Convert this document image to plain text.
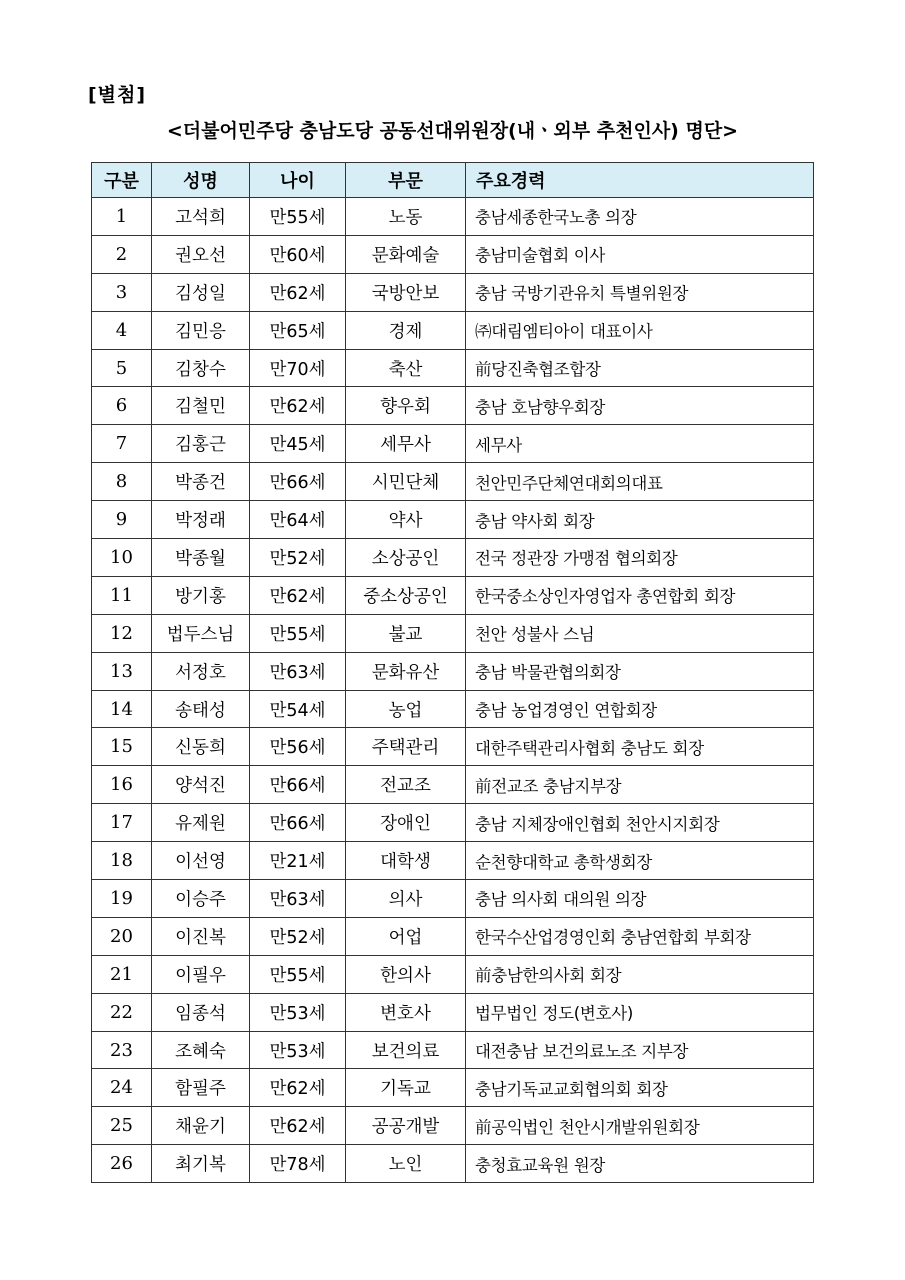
[별첨]
<더불어민주당 충남도당 공동선대위원장(내ㆍ외부 추천인사) 명단>
구분	성명	나이	부문	주요경력
1	고석희	만55세	노동	충남세종한국노총 의장
2	권오선	만60세	문화예술	충남미술협회 이사
3	김성일	만62세	국방안보	충남 국방기관유치 특별위원장
4	김민응	만65세	경제	㈜대림엠티아이 대표이사
5	김창수	만70세	축산	前당진축협조합장
6	김철민	만62세	향우회	충남 호남향우회장
7	김홍근	만45세	세무사	세무사
8	박종건	만66세	시민단체	천안민주단체연대회의대표
9	박정래	만64세	약사	충남 약사회 회장
10	박종월	만52세	소상공인	전국 정관장 가맹점 협의회장
11	방기홍	만62세	중소상공인	한국중소상인자영업자 총연합회 회장
12	법두스님	만55세	불교	천안 성불사 스님
13	서정호	만63세	문화유산	충남 박물관협의회장
14	송태성	만54세	농업	충남 농업경영인 연합회장
15	신동희	만56세	주택관리	대한주택관리사협회 충남도 회장
16	양석진	만66세	전교조	前전교조 충남지부장
17	유제원	만66세	장애인	충남 지체장애인협회 천안시지회장
18	이선영	만21세	대학생	순천향대학교 총학생회장
19	이승주	만63세	의사	충남 의사회 대의원 의장
20	이진복	만52세	어업	한국수산업경영인회 충남연합회 부회장
21	이필우	만55세	한의사	前충남한의사회 회장
22	임종석	만53세	변호사	법무법인 정도(변호사)
23	조혜숙	만53세	보건의료	대전충남 보건의료노조 지부장
24	함필주	만62세	기독교	충남기독교교회협의회 회장
25	채윤기	만62세	공공개발	前공익법인 천안시개발위원회장
26	최기복	만78세	노인	충청효교육원 원장
